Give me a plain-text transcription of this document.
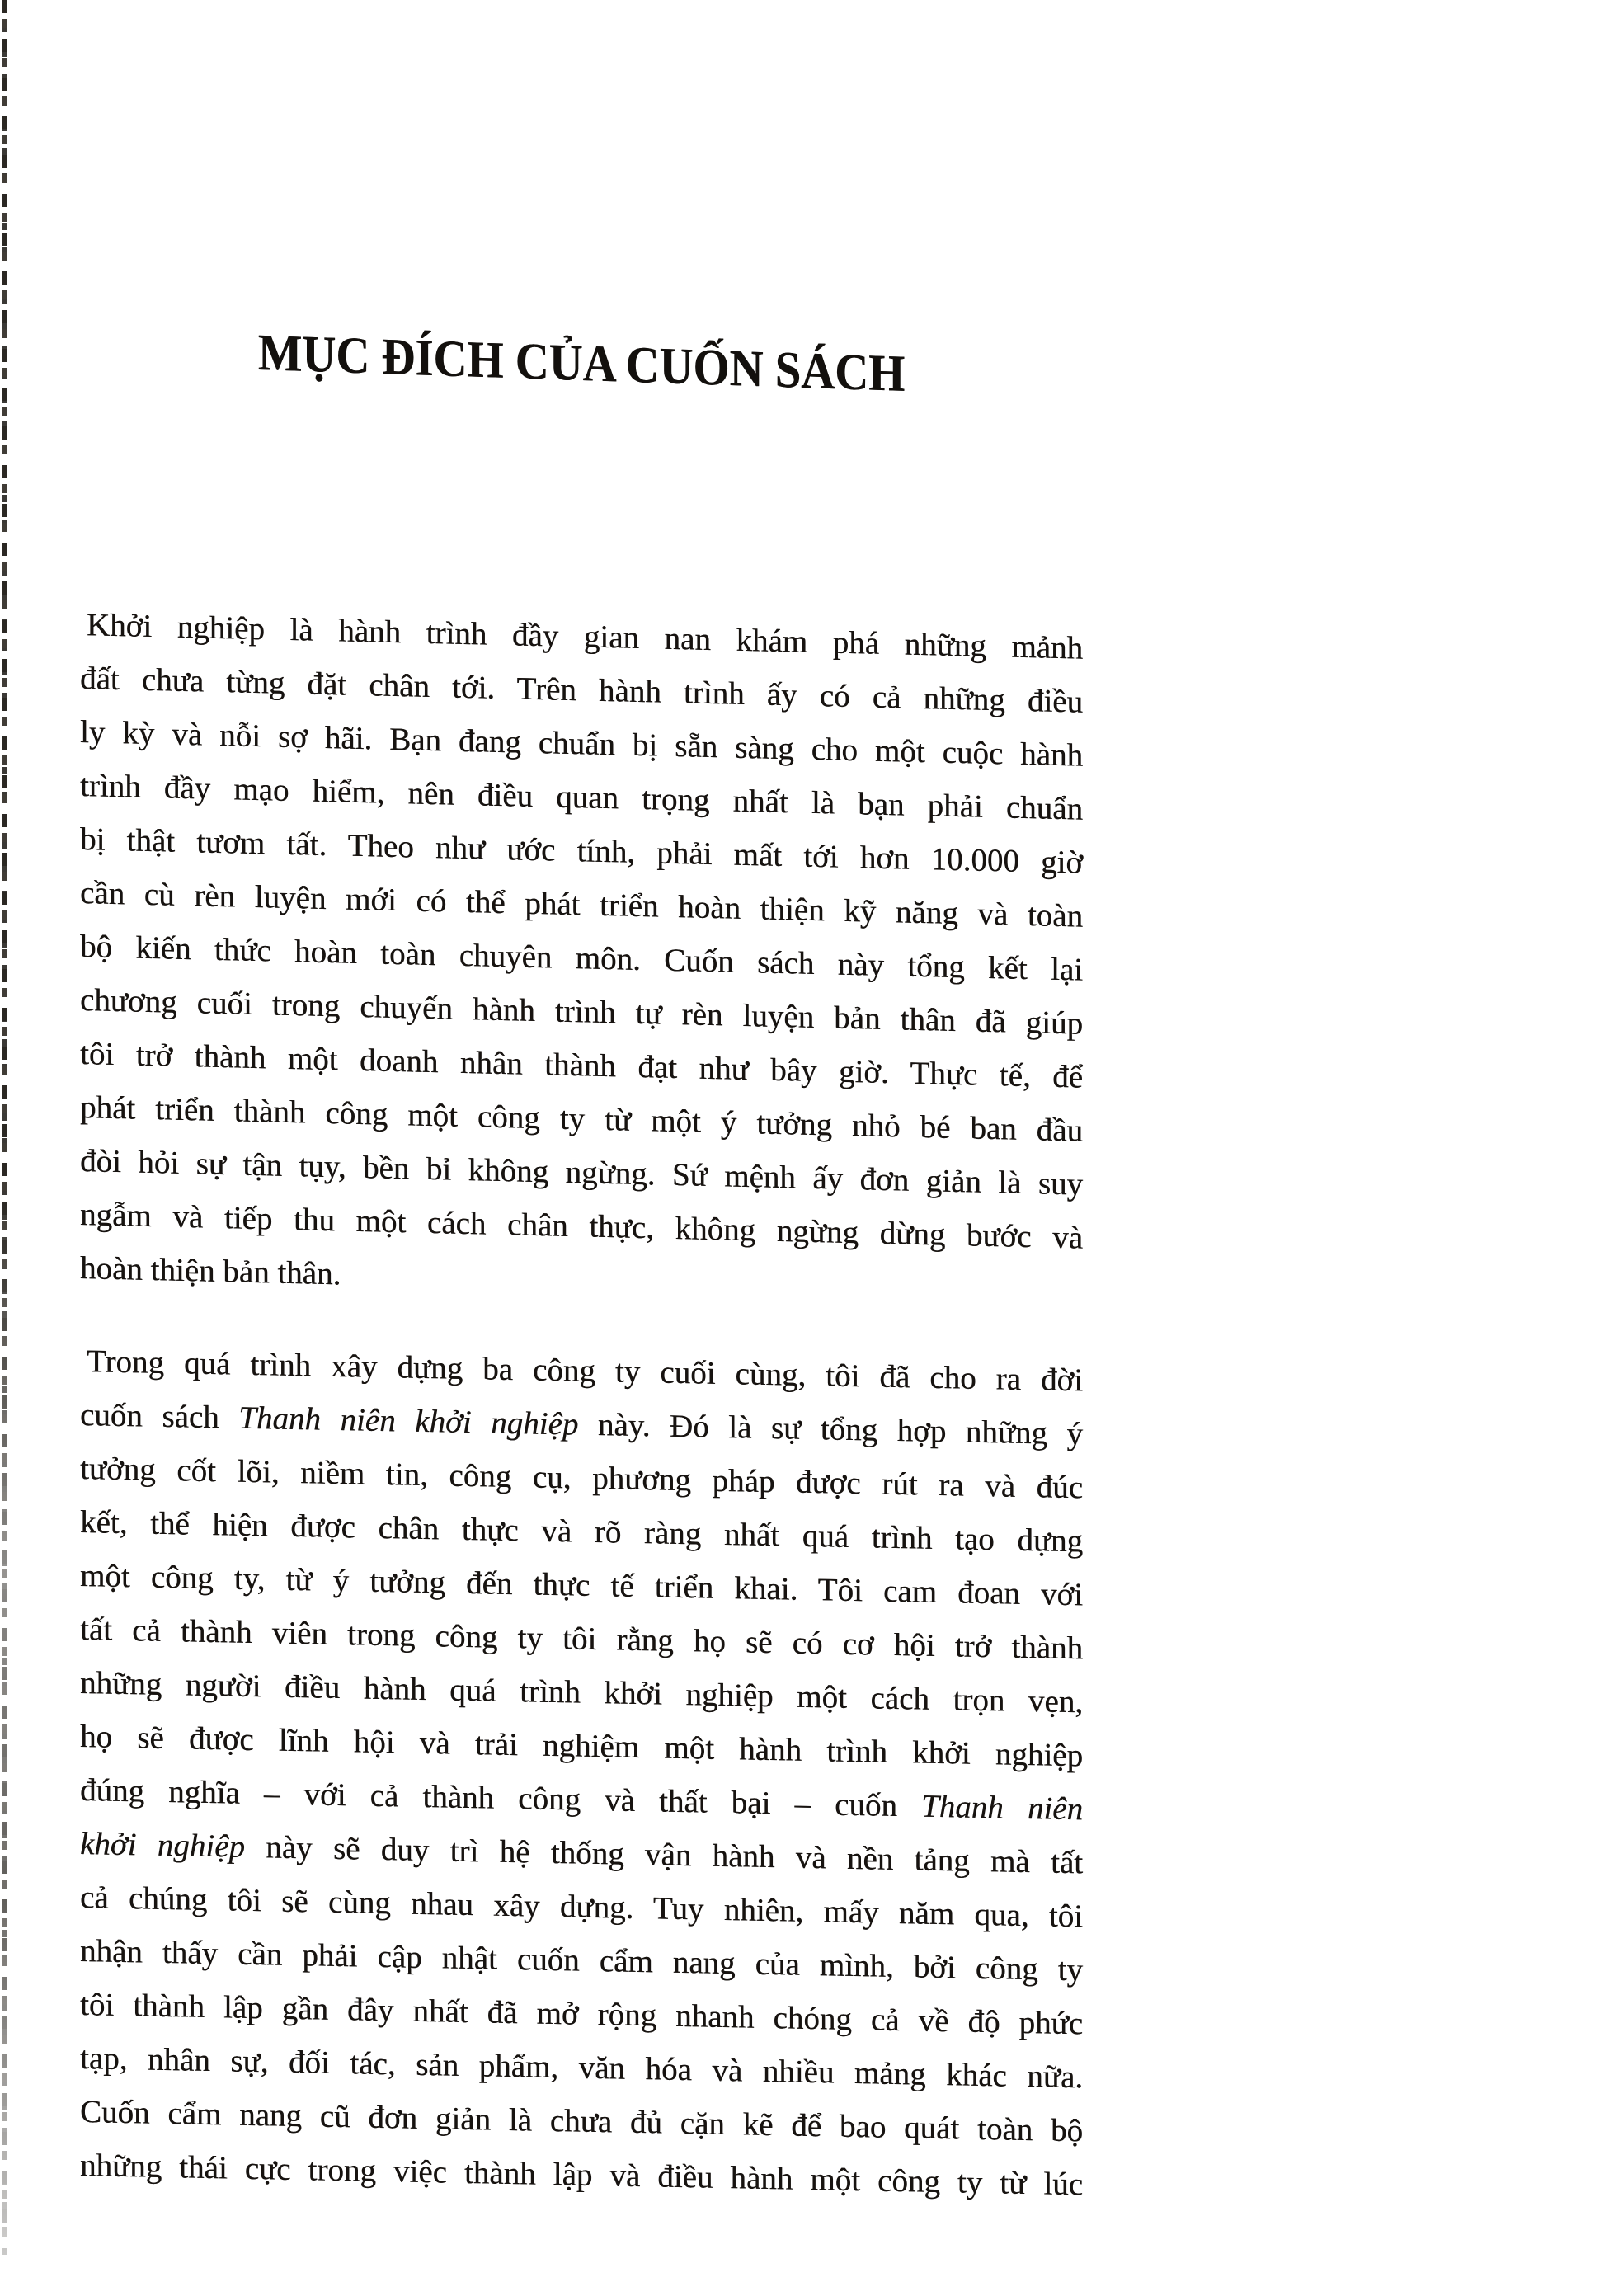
MỤC ĐÍCH CỦA CUỐN SÁCH
Khởi nghiệp là hành trình đầy gian nan khám phá những mảnh
đất chưa từng đặt chân tới. Trên hành trình ấy có cả những điều
ly kỳ và nỗi sợ hãi. Bạn đang chuẩn bị sẵn sàng cho một cuộc hành
trình đầy mạo hiểm, nên điều quan trọng nhất là bạn phải chuẩn
bị thật tươm tất. Theo như ước tính, phải mất tới hơn 10.000 giờ
cần cù rèn luyện mới có thể phát triển hoàn thiện kỹ năng và toàn
bộ kiến thức hoàn toàn chuyên môn. Cuốn sách này tổng kết lại
chương cuối trong chuyến hành trình tự rèn luyện bản thân đã giúp
tôi trở thành một doanh nhân thành đạt như bây giờ. Thực tế, để
phát triển thành công một công ty từ một ý tưởng nhỏ bé ban đầu
đòi hỏi sự tận tụy, bền bỉ không ngừng. Sứ mệnh ấy đơn giản là suy
ngẫm và tiếp thu một cách chân thực, không ngừng dừng bước và
hoàn thiện bản thân.
Trong quá trình xây dựng ba công ty cuối cùng, tôi đã cho ra đời
cuốn sách Thanh niên khởi nghiệp này. Đó là sự tổng hợp những ý
tưởng cốt lõi, niềm tin, công cụ, phương pháp được rút ra và đúc
kết, thể hiện được chân thực và rõ ràng nhất quá trình tạo dựng
một công ty, từ ý tưởng đến thực tế triển khai. Tôi cam đoan với
tất cả thành viên trong công ty tôi rằng họ sẽ có cơ hội trở thành
những người điều hành quá trình khởi nghiệp một cách trọn vẹn,
họ sẽ được lĩnh hội và trải nghiệm một hành trình khởi nghiệp
đúng nghĩa – với cả thành công và thất bại – cuốn Thanh niên
khởi nghiệp này sẽ duy trì hệ thống vận hành và nền tảng mà tất
cả chúng tôi sẽ cùng nhau xây dựng. Tuy nhiên, mấy năm qua, tôi
nhận thấy cần phải cập nhật cuốn cẩm nang của mình, bởi công ty
tôi thành lập gần đây nhất đã mở rộng nhanh chóng cả về độ phức
tạp, nhân sự, đối tác, sản phẩm, văn hóa và nhiều mảng khác nữa.
Cuốn cẩm nang cũ đơn giản là chưa đủ cặn kẽ để bao quát toàn bộ
những thái cực trong việc thành lập và điều hành một công ty từ lúc
